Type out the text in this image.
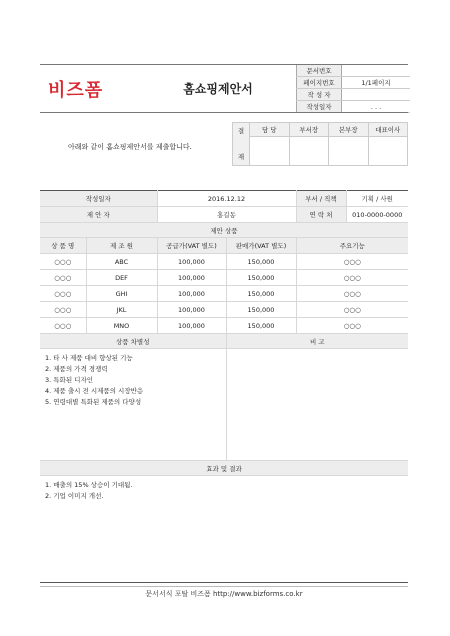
비즈폼	홈쇼핑제안서
문서번호	
페이지번호	1/1페이지
작 성 자	
작성일자	. . .
아래와 같이 홈쇼핑제안서를 제출합니다.
결

재	담 당	부서장	본부장	대표이사

작성일자		2016.12.12		부서 / 직책	기획 / 사원
제 안 자		홍길동		연 락 처	010-0000-0000
제안 상품					
상 품 명	제 조 원	공급가(VAT 별도)	판매가(VAT 별도)	주요기능	
○○○	ABC	100,000	150,000	○○○	
○○○	DEF	100,000	150,000	○○○	
○○○	GHI	100,000	150,000	○○○	
○○○	JKL	100,000	150,000	○○○	
○○○	MNO	100,000	150,000	○○○	
상품 차별성			비 고		

1. 타 사 제품 대비 향상된 기능
2. 제품의 가격 경쟁력
3. 특화된 디자인
4. 제품 출시 전 시제품의 시장반응
5. 연령대별 특화된 제품의 다양성					

효과 및 결과					

1. 매출의 15% 상승이 기대됨.
2. 기업 이미지 개선.					
문서서식 포탈 비즈폼 http://www.bizforms.co.kr
